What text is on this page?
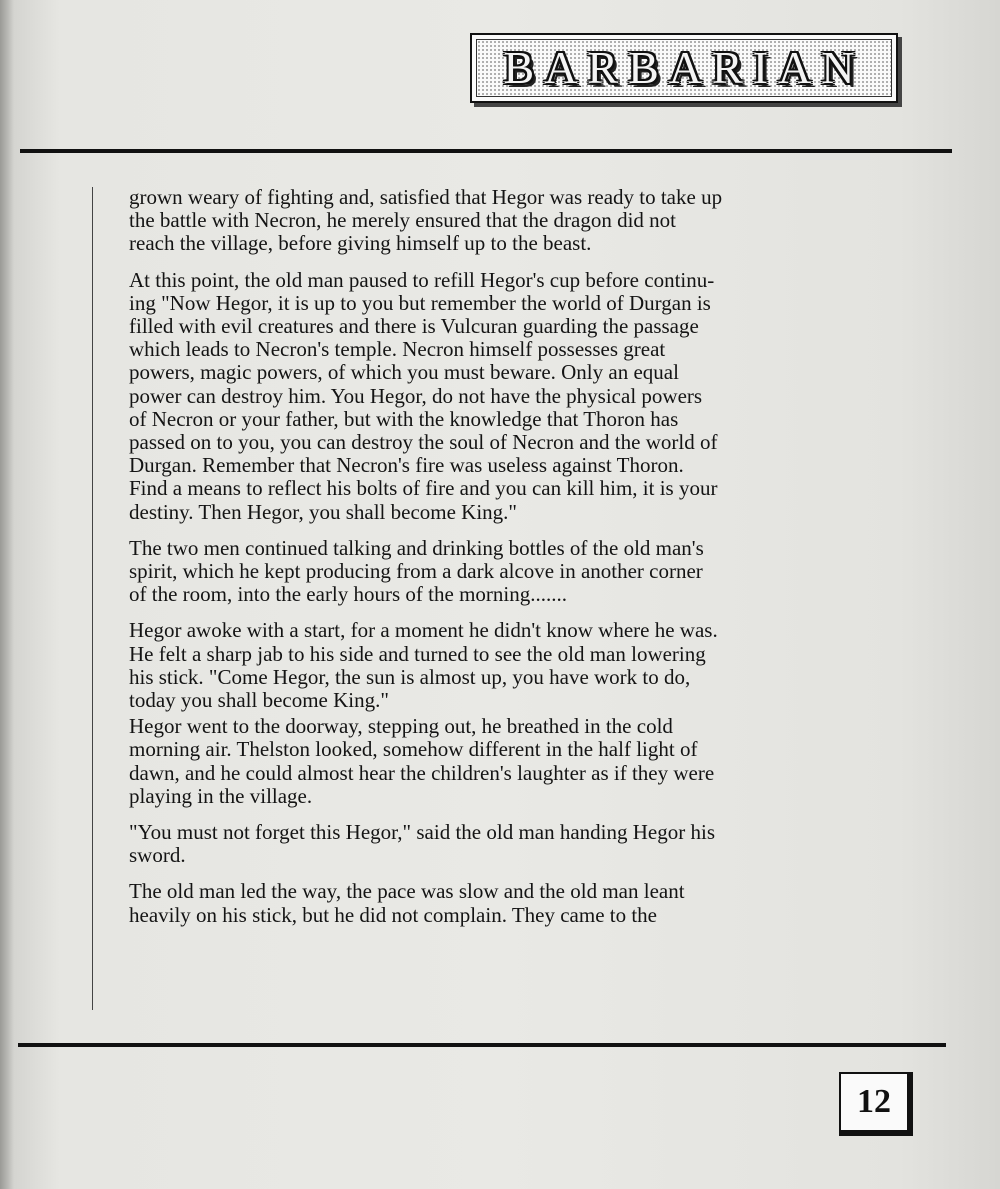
BARBARIAN

grown weary of fighting and, satisfied that Hegor was ready to take up
the battle with Necron, he merely ensured that the dragon did not
reach the village, before giving himself up to the beast.

At this point, the old man paused to refill Hegor's cup before continu-
ing "Now Hegor, it is up to you but remember the world of Durgan is
filled with evil creatures and there is Vulcuran guarding the passage
which leads to Necron's temple. Necron himself possesses great
powers, magic powers, of which you must beware. Only an equal
power can destroy him. You Hegor, do not have the physical powers
of Necron or your father, but with the knowledge that Thoron has
passed on to you, you can destroy the soul of Necron and the world of
Durgan. Remember that Necron's fire was useless against Thoron.
Find a means to reflect his bolts of fire and you can kill him, it is your
destiny. Then Hegor, you shall become King."

The two men continued talking and drinking bottles of the old man's
spirit, which he kept producing from a dark alcove in another corner
of the room, into the early hours of the morning.......

Hegor awoke with a start, for a moment he didn't know where he was.
He felt a sharp jab to his side and turned to see the old man lowering
his stick. "Come Hegor, the sun is almost up, you have work to do,
today you shall become King."

Hegor went to the doorway, stepping out, he breathed in the cold
morning air. Thelston looked, somehow different in the half light of
dawn, and he could almost hear the children's laughter as if they were
playing in the village.

"You must not forget this Hegor," said the old man handing Hegor his
sword.

The old man led the way, the pace was slow and the old man leant
heavily on his stick, but he did not complain. They came to the

12
